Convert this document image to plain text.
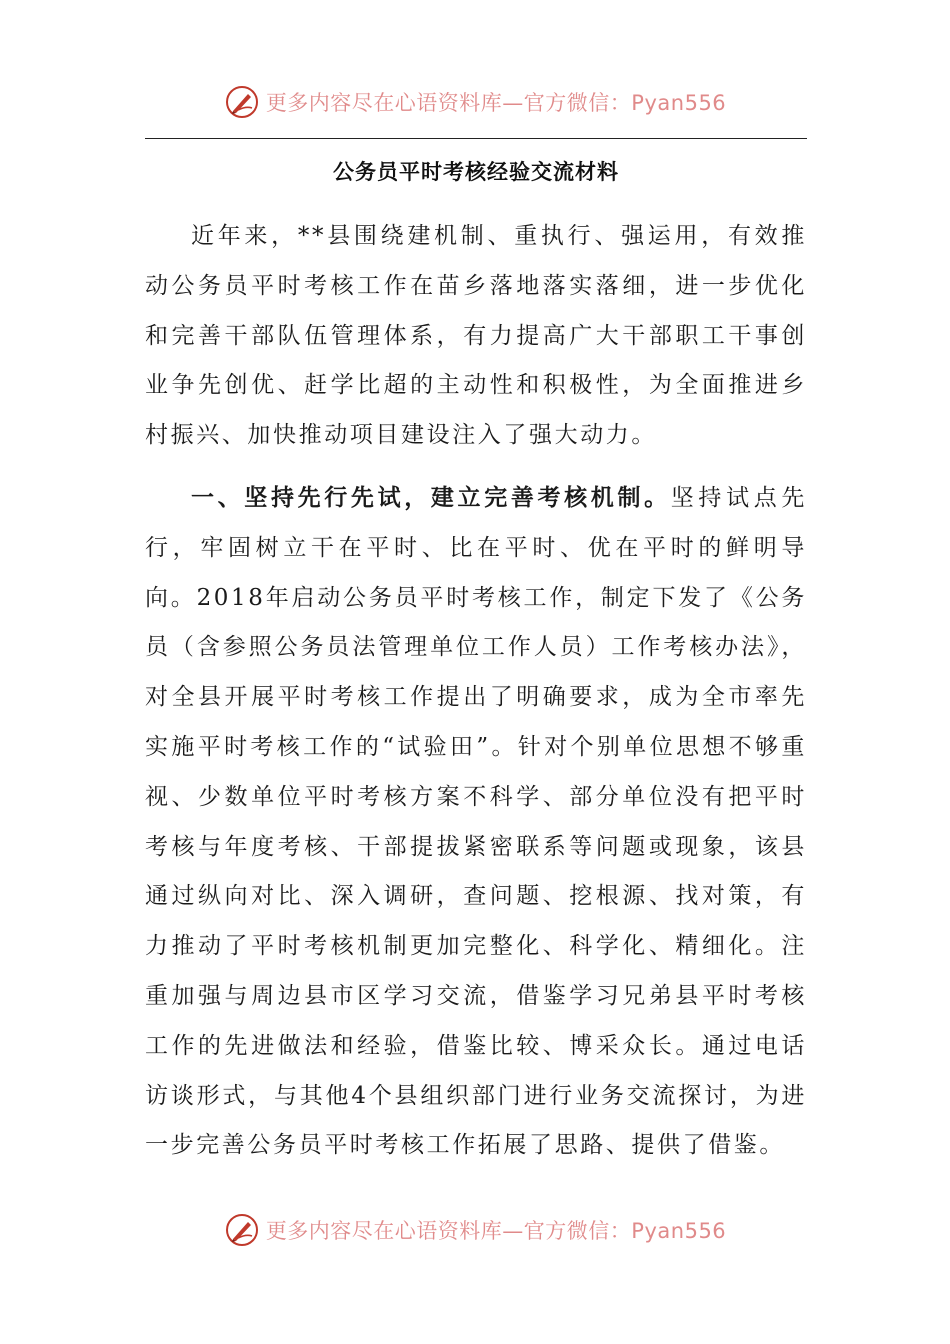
更多内容尽在心语资料库—官方微信：Pyan556
公务员平时考核经验交流材料

近年来，**县围绕建机制、重执行、强运用，有效推动公务员平时考核工作在苗乡落地落实落细，进一步优化和完善干部队伍管理体系，有力提高广大干部职工干事创业争先创优、赶学比超的主动性和积极性，为全面推进乡村振兴、加快推动项目建设注入了强大动力。

一、坚持先行先试，建立完善考核机制。坚持试点先行，牢固树立干在平时、比在平时、优在平时的鲜明导向。2018年启动公务员平时考核工作，制定下发了《公务员（含参照公务员法管理单位工作人员）工作考核办法》，对全县开展平时考核工作提出了明确要求，成为全市率先实施平时考核工作的“试验田”。针对个别单位思想不够重视、少数单位平时考核方案不科学、部分单位没有把平时考核与年度考核、干部提拔紧密联系等问题或现象，该县通过纵向对比、深入调研，查问题、挖根源、找对策，有力推动了平时考核机制更加完整化、科学化、精细化。注重加强与周边县市区学习交流，借鉴学习兄弟县平时考核工作的先进做法和经验，借鉴比较、博采众长。通过电话访谈形式，与其他4个县组织部门进行业务交流探讨，为进一步完善公务员平时考核工作拓展了思路、提供了借鉴。

更多内容尽在心语资料库—官方微信：Pyan556
